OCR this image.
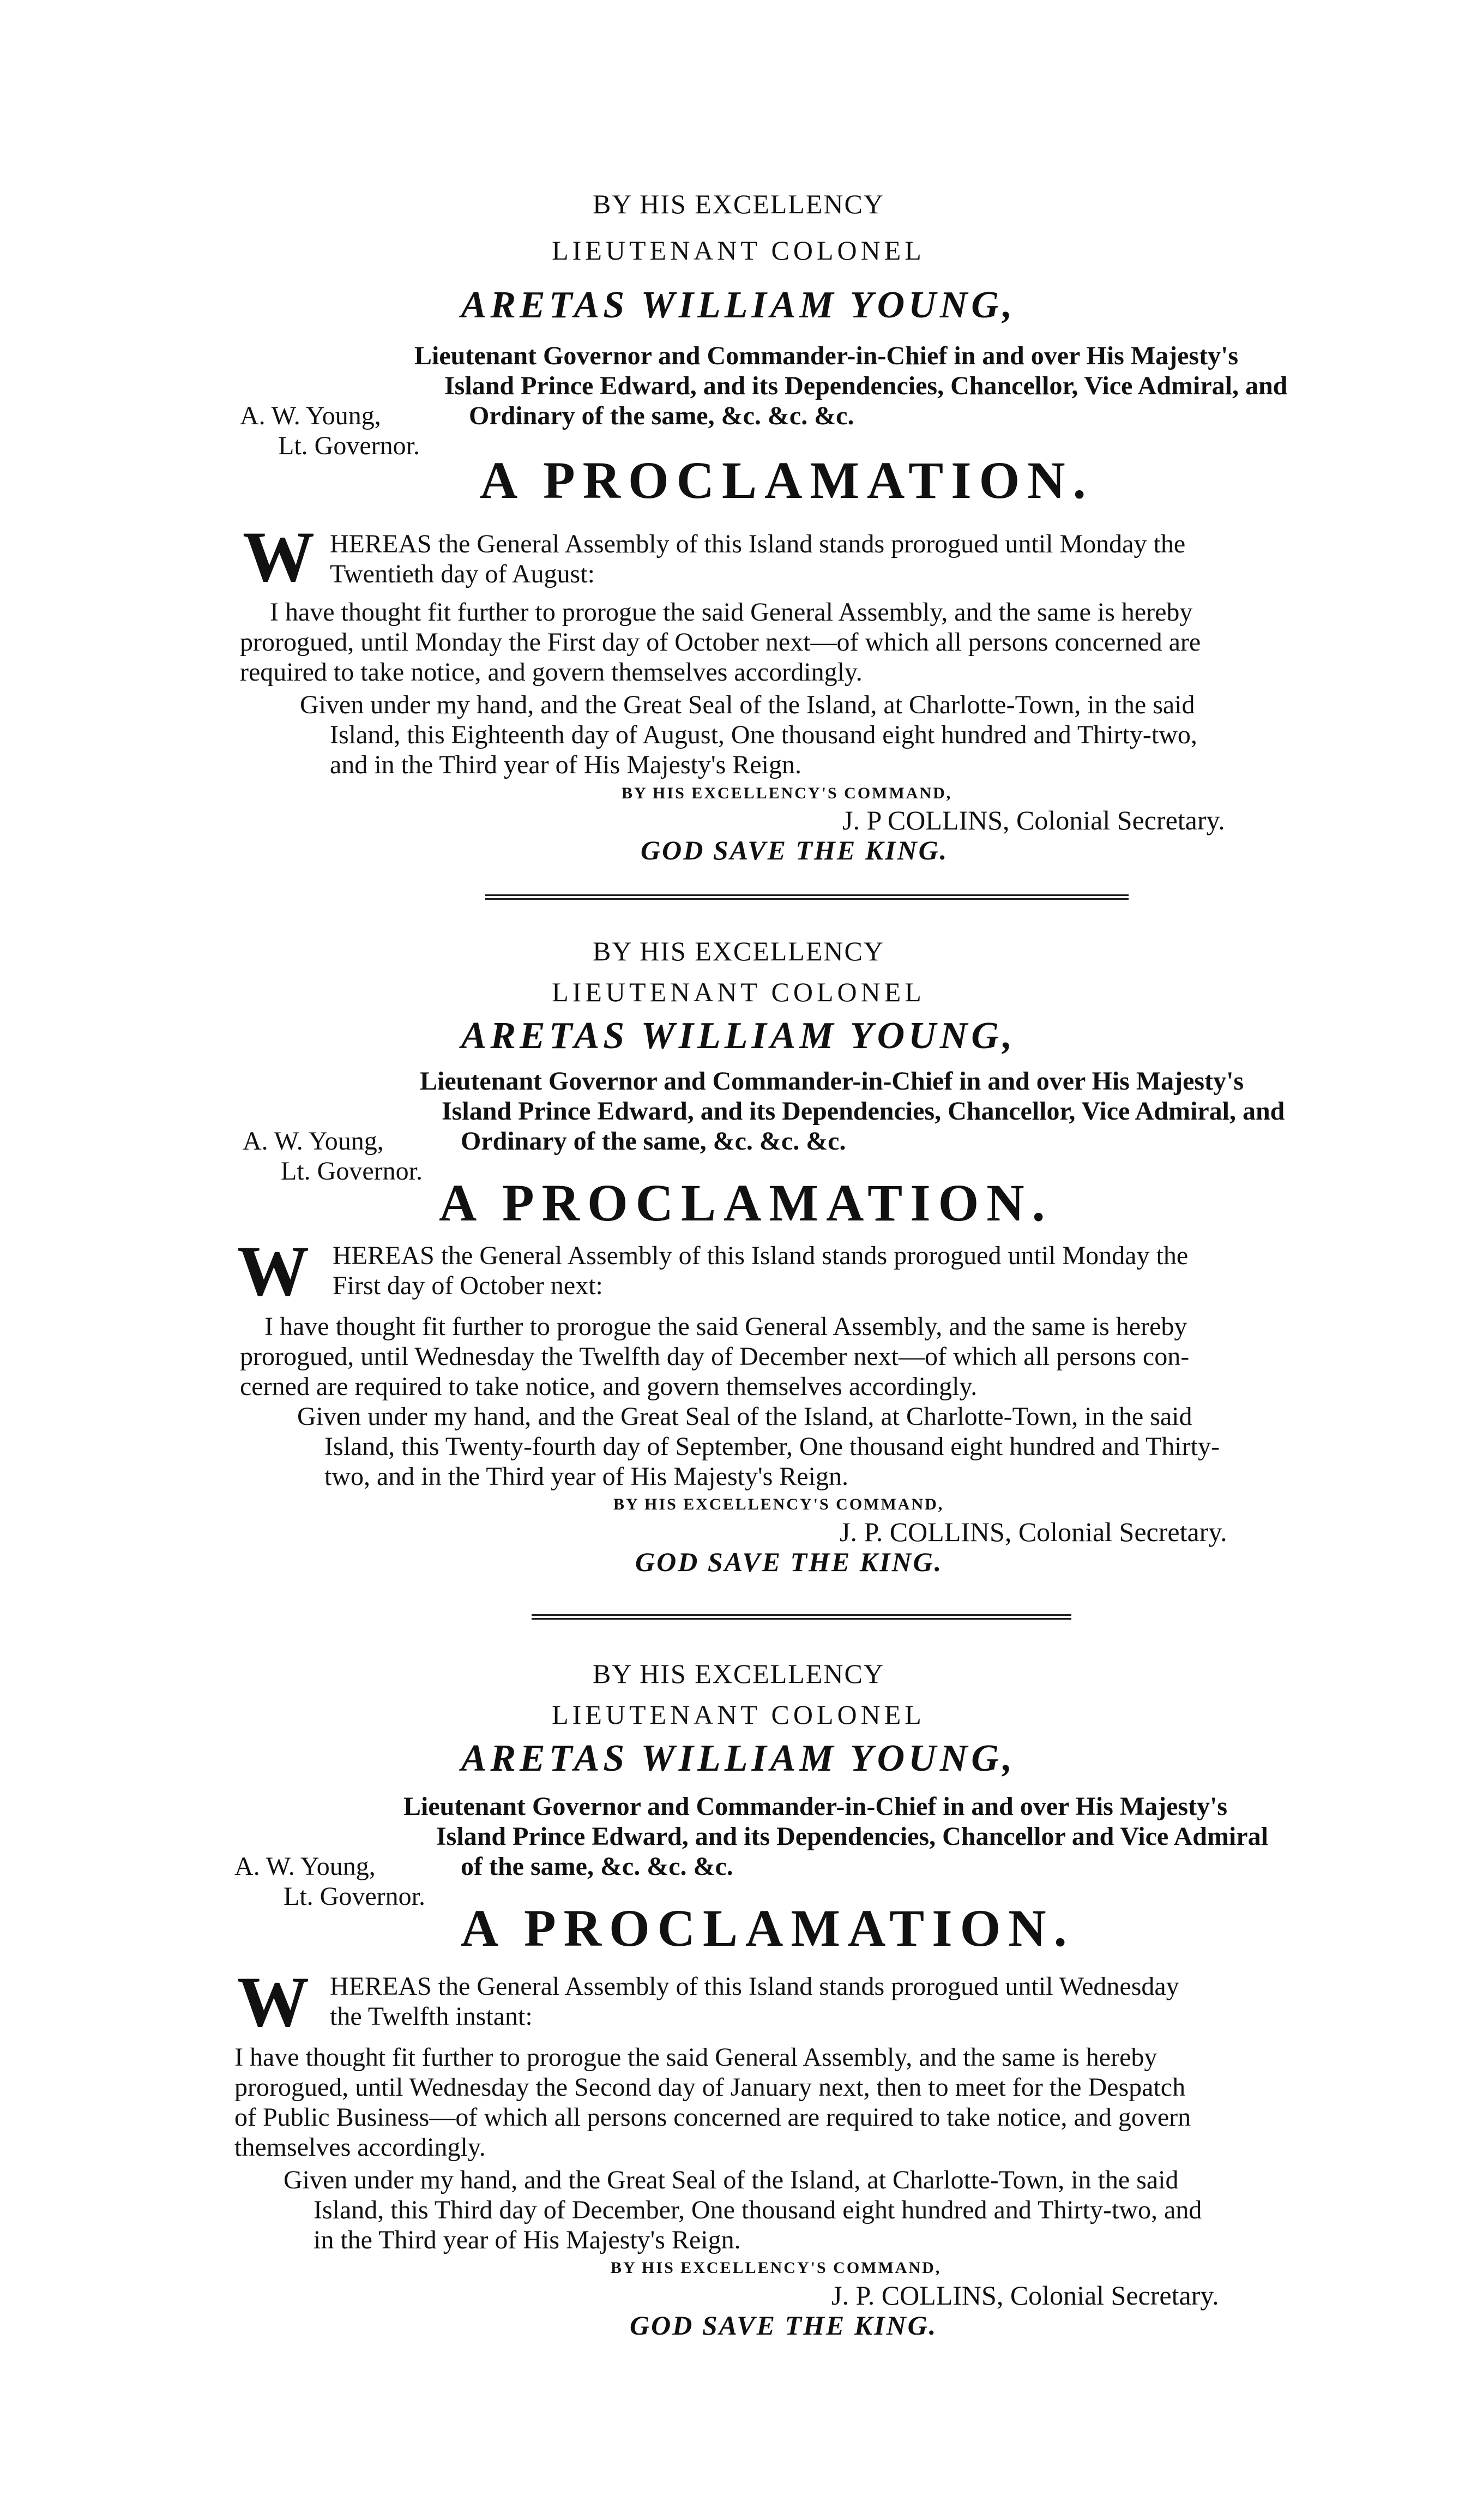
BY HIS EXCELLENCY
LIEUTENANT COLONEL
ARETAS WILLIAM YOUNG,
Lieutenant Governor and Commander-in-Chief in and over His Majesty's
Island Prince Edward, and its Dependencies, Chancellor, Vice Admiral, and
Ordinary of the same, &c. &c. &c.
A. W. Young,
Lt. Governor.
A PROCLAMATION.
W HEREAS the General Assembly of this Island stands prorogued until Monday the
Twentieth day of August:
I have thought fit further to prorogue the said General Assembly, and the same is hereby
prorogued, until Monday the First day of October next—of which all persons concerned are
required to take notice, and govern themselves accordingly.
Given under my hand, and the Great Seal of the Island, at Charlotte-Town, in the said
Island, this Eighteenth day of August, One thousand eight hundred and Thirty-two,
and in the Third year of His Majesty's Reign.
BY HIS EXCELLENCY'S COMMAND,
J. P COLLINS, Colonial Secretary.
GOD SAVE THE KING.
BY HIS EXCELLENCY
LIEUTENANT COLONEL
ARETAS WILLIAM YOUNG,
Lieutenant Governor and Commander-in-Chief in and over His Majesty's
Island Prince Edward, and its Dependencies, Chancellor, Vice Admiral, and
Ordinary of the same, &c. &c. &c.
A. W. Young,
Lt. Governor.
A PROCLAMATION.
W HEREAS the General Assembly of this Island stands prorogued until Monday the
First day of October next:
I have thought fit further to prorogue the said General Assembly, and the same is hereby
prorogued, until Wednesday the Twelfth day of December next—of which all persons con-
cerned are required to take notice, and govern themselves accordingly.
Given under my hand, and the Great Seal of the Island, at Charlotte-Town, in the said
Island, this Twenty-fourth day of September, One thousand eight hundred and Thirty-
two, and in the Third year of His Majesty's Reign.
BY HIS EXCELLENCY'S COMMAND,
J. P. COLLINS, Colonial Secretary.
GOD SAVE THE KING.
BY HIS EXCELLENCY
LIEUTENANT COLONEL
ARETAS WILLIAM YOUNG,
Lieutenant Governor and Commander-in-Chief in and over His Majesty's
Island Prince Edward, and its Dependencies, Chancellor and Vice Admiral
of the same, &c. &c. &c.
A. W. Young,
Lt. Governor.
A PROCLAMATION.
W HEREAS the General Assembly of this Island stands prorogued until Wednesday
the Twelfth instant:
I have thought fit further to prorogue the said General Assembly, and the same is hereby
prorogued, until Wednesday the Second day of January next, then to meet for the Despatch
of Public Business—of which all persons concerned are required to take notice, and govern
themselves accordingly.
Given under my hand, and the Great Seal of the Island, at Charlotte-Town, in the said
Island, this Third day of December, One thousand eight hundred and Thirty-two, and
in the Third year of His Majesty's Reign.
BY HIS EXCELLENCY'S COMMAND,
J. P. COLLINS, Colonial Secretary.
GOD SAVE THE KING.
